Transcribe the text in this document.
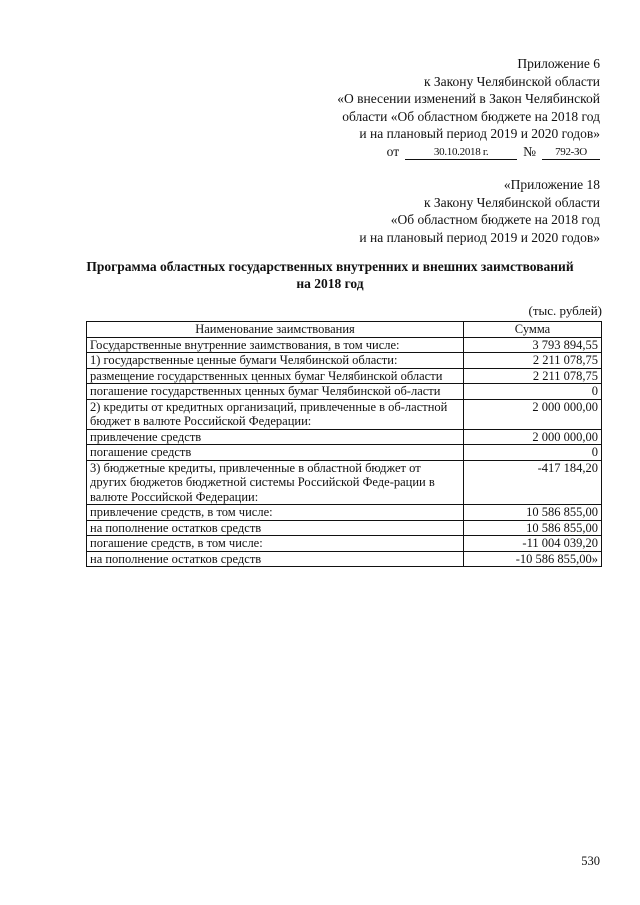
Приложение 6
к Закону Челябинской области
«О внесении изменений в Закон Челябинской
области «Об областном бюджете на 2018 год
и на плановый период 2019 и 2020 годов»
от	30.10.2018 г.	№	792-ЗО
«Приложение 18
к Закону Челябинской области
«Об областном бюджете на 2018 год
и на плановый период 2019 и 2020 годов»
Программа областных государственных внутренних и внешних заимствований
на 2018 год
(тыс. рублей)
Наименование заимствования	Сумма
Государственные внутренние заимствования, в том числе:	3 793 894,55
1) государственные ценные бумаги Челябинской области:	2 211 078,75
размещение государственных ценных бумаг Челябинской области	2 211 078,75
погашение государственных ценных бумаг Челябинской об-ласти	0
2) кредиты от кредитных организаций, привлеченные в об-ластной бюджет в валюте Российской Федерации:	2 000 000,00
привлечение средств	2 000 000,00
погашение средств	0
3) бюджетные кредиты, привлеченные в областной бюджет от других бюджетов бюджетной системы Российской Феде-рации в валюте Российской Федерации:	-417 184,20
привлечение средств, в том числе:	10 586 855,00
на пополнение остатков средств	10 586 855,00
погашение средств, в том числе:	-11 004 039,20
на пополнение остатков средств	-10 586 855,00»
530
